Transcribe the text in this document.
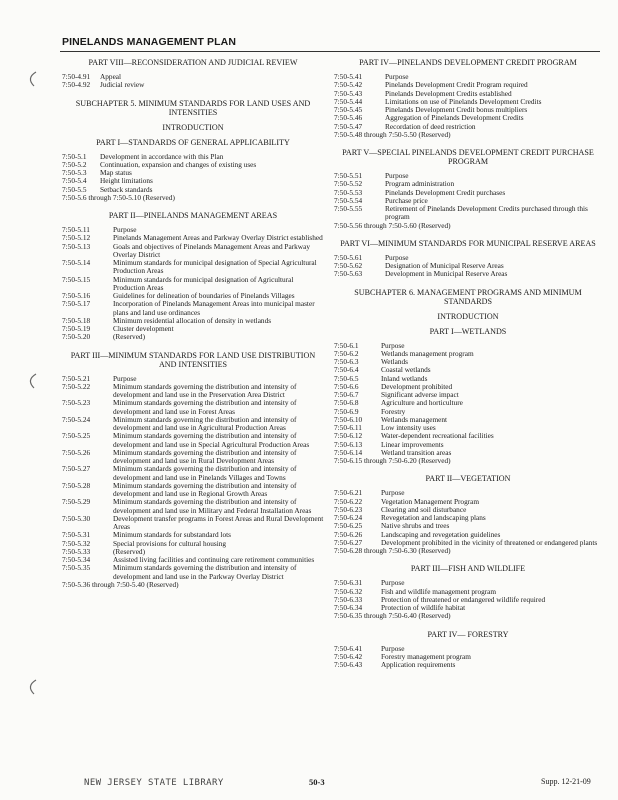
PINELANDS MANAGEMENT PLAN
PART VIII—RECONSIDERATION AND JUDICIAL REVIEW
7:50-4.91	Appeal
7:50-4.92	Judicial review
SUBCHAPTER 5. MINIMUM STANDARDS FOR LAND USES AND INTENSITIES
INTRODUCTION
PART I—STANDARDS OF GENERAL APPLICABILITY
7:50-5.1	Development in accordance with this Plan
7:50-5.2	Continuation, expansion and changes of existing uses
7:50-5.3	Map status
7:50-5.4	Height limitations
7:50-5.5	Setback standards
7:50-5.6 through 7:50-5.10 (Reserved)
PART II—PINELANDS MANAGEMENT AREAS
7:50-5.11	Purpose
7:50-5.12	Pinelands Management Areas and Parkway Overlay District established
7:50-5.13	Goals and objectives of Pinelands Management Areas and Parkway Overlay District
7:50-5.14	Minimum standards for municipal designation of Special Agricultural Production Areas
7:50-5.15	Minimum standards for municipal designation of Agricultural Production Areas
7:50-5.16	Guidelines for delineation of boundaries of Pinelands Villages
7:50-5.17	Incorporation of Pinelands Management Areas into municipal master plans and land use ordinances
7:50-5.18	Minimum residential allocation of density in wetlands
7:50-5.19	Cluster development
7:50-5.20	(Reserved)
PART III—MINIMUM STANDARDS FOR LAND USE DISTRIBUTION AND INTENSITIES
7:50-5.21	Purpose
7:50-5.22	Minimum standards governing the distribution and intensity of development and land use in the Preservation Area District
7:50-5.23	Minimum standards governing the distribution and intensity of development and land use in Forest Areas
7:50-5.24	Minimum standards governing the distribution and intensity of development and land use in Agricultural Production Areas
7:50-5.25	Minimum standards governing the distribution and intensity of development and land use in Special Agricultural Production Areas
7:50-5.26	Minimum standards governing the distribution and intensity of development and land use in Rural Development Areas
7:50-5.27	Minimum standards governing the distribution and intensity of development and land use in Pinelands Villages and Towns
7:50-5.28	Minimum standards governing the distribution and intensity of development and land use in Regional Growth Areas
7:50-5.29	Minimum standards governing the distribution and intensity of development and land use in Military and Federal Installation Areas
7:50-5.30	Development transfer programs in Forest Areas and Rural Development Areas
7:50-5.31	Minimum standards for substandard lots
7:50-5.32	Special provisions for cultural housing
7:50-5.33	(Reserved)
7:50-5.34	Assisted living facilities and continuing care retirement communities
7:50-5.35	Minimum standards governing the distribution and intensity of development and land use in the Parkway Overlay District
7:50-5.36 through 7:50-5.40 (Reserved)
PART IV—PINELANDS DEVELOPMENT CREDIT PROGRAM
7:50-5.41	Purpose
7:50-5.42	Pinelands Development Credit Program required
7:50-5.43	Pinelands Development Credits established
7:50-5.44	Limitations on use of Pinelands Development Credits
7:50-5.45	Pinelands Development Credit bonus multipliers
7:50-5.46	Aggregation of Pinelands Development Credits
7:50-5.47	Recordation of deed restriction
7:50-5.48 through 7:50-5.50 (Reserved)
PART V—SPECIAL PINELANDS DEVELOPMENT CREDIT PURCHASE PROGRAM
7:50-5.51	Purpose
7:50-5.52	Program administration
7:50-5.53	Pinelands Development Credit purchases
7:50-5.54	Purchase price
7:50-5.55	Retirement of Pinelands Development Credits purchased through this program
7:50-5.56 through 7:50-5.60 (Reserved)
PART VI—MINIMUM STANDARDS FOR MUNICIPAL RESERVE AREAS
7:50-5.61	Purpose
7:50-5.62	Designation of Municipal Reserve Areas
7:50-5.63	Development in Municipal Reserve Areas
SUBCHAPTER 6. MANAGEMENT PROGRAMS AND MINIMUM STANDARDS
INTRODUCTION
PART I—WETLANDS
7:50-6.1	Purpose
7:50-6.2	Wetlands management program
7:50-6.3	Wetlands
7:50-6.4	Coastal wetlands
7:50-6.5	Inland wetlands
7:50-6.6	Development prohibited
7:50-6.7	Significant adverse impact
7:50-6.8	Agriculture and horticulture
7:50-6.9	Forestry
7:50-6.10	Wetlands management
7:50-6.11	Low intensity uses
7:50-6.12	Water-dependent recreational facilities
7:50-6.13	Linear improvements
7:50-6.14	Wetland transition areas
7:50-6.15 through 7:50-6.20 (Reserved)
PART II—VEGETATION
7:50-6.21	Purpose
7:50-6.22	Vegetation Management Program
7:50-6.23	Clearing and soil disturbance
7:50-6.24	Revegetation and landscaping plans
7:50-6.25	Native shrubs and trees
7:50-6.26	Landscaping and revegetation guidelines
7:50-6.27	Development prohibited in the vicinity of threatened or endangered plants
7:50-6.28 through 7:50-6.30 (Reserved)
PART III—FISH AND WILDLIFE
7:50-6.31	Purpose
7:50-6.32	Fish and wildlife management program
7:50-6.33	Protection of threatened or endangered wildlife required
7:50-6.34	Protection of wildlife habitat
7:50-6.35 through 7:50-6.40 (Reserved)
PART IV— FORESTRY
7:50-6.41	Purpose
7:50-6.42	Forestry management program
7:50-6.43	Application requirements
NEW JERSEY STATE LIBRARY	50-3	Supp. 12-21-09
